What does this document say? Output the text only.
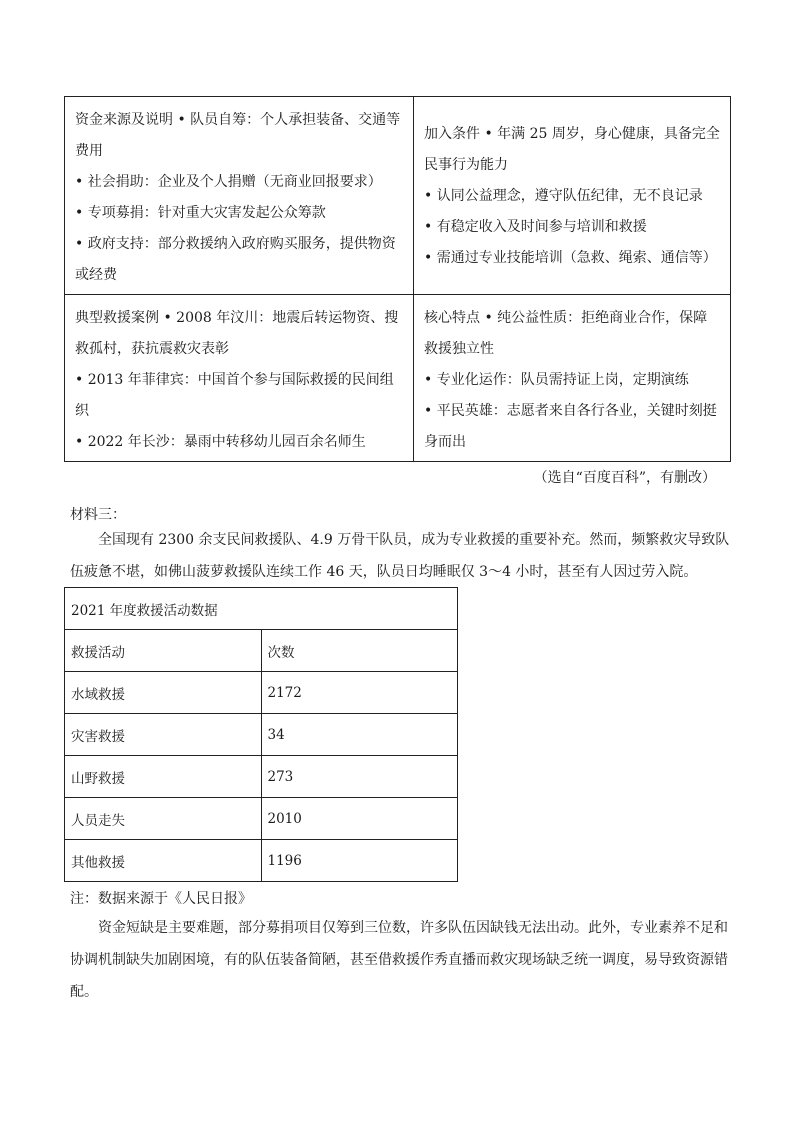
资金来源及说明 • 队员自筹：个人承担装备、交通等费用
• 社会捐助：企业及个人捐赠（无商业回报要求）
• 专项募捐：针对重大灾害发起公众筹款
• 政府支持：部分救援纳入政府购买服务，提供物资或经费	加入条件 • 年满 25 周岁，身心健康，具备完全民事行为能力
• 认同公益理念，遵守队伍纪律，无不良记录
• 有稳定收入及时间参与培训和救援
• 需通过专业技能培训（急救、绳索、通信等）

典型救援案例 • 2008 年汶川：地震后转运物资、搜救孤村，获抗震救灾表彰
• 2013 年菲律宾：中国首个参与国际救援的民间组织
• 2022 年长沙：暴雨中转移幼儿园百余名师生	核心特点 • 纯公益性质：拒绝商业合作，保障救援独立性
• 专业化运作：队员需持证上岗，定期演练
• 平民英雄：志愿者来自各行各业，关键时刻挺身而出
（选自“百度百科”，有删改）
材料三：

全国现有 2300 余支民间救援队、4.9 万骨干队员，成为专业救援的重要补充。然而，频繁救灾导致队伍疲惫不堪，如佛山菠萝救援队连续工作 46 天，队员日均睡眠仅 3～4 小时，甚至有人因过劳入院。

2021 年度救援活动数据	
救援活动	次数
水域救援	2172
灾害救援	34
山野救援	273
人员走失	2010
其他救援	1196
注：数据来源于《人民日报》

资金短缺是主要难题，部分募捐项目仅筹到三位数，许多队伍因缺钱无法出动。此外，专业素养不足和协调机制缺失加剧困境，有的队伍装备简陋，甚至借救援作秀直播而救灾现场缺乏统一调度，易导致资源错配。
